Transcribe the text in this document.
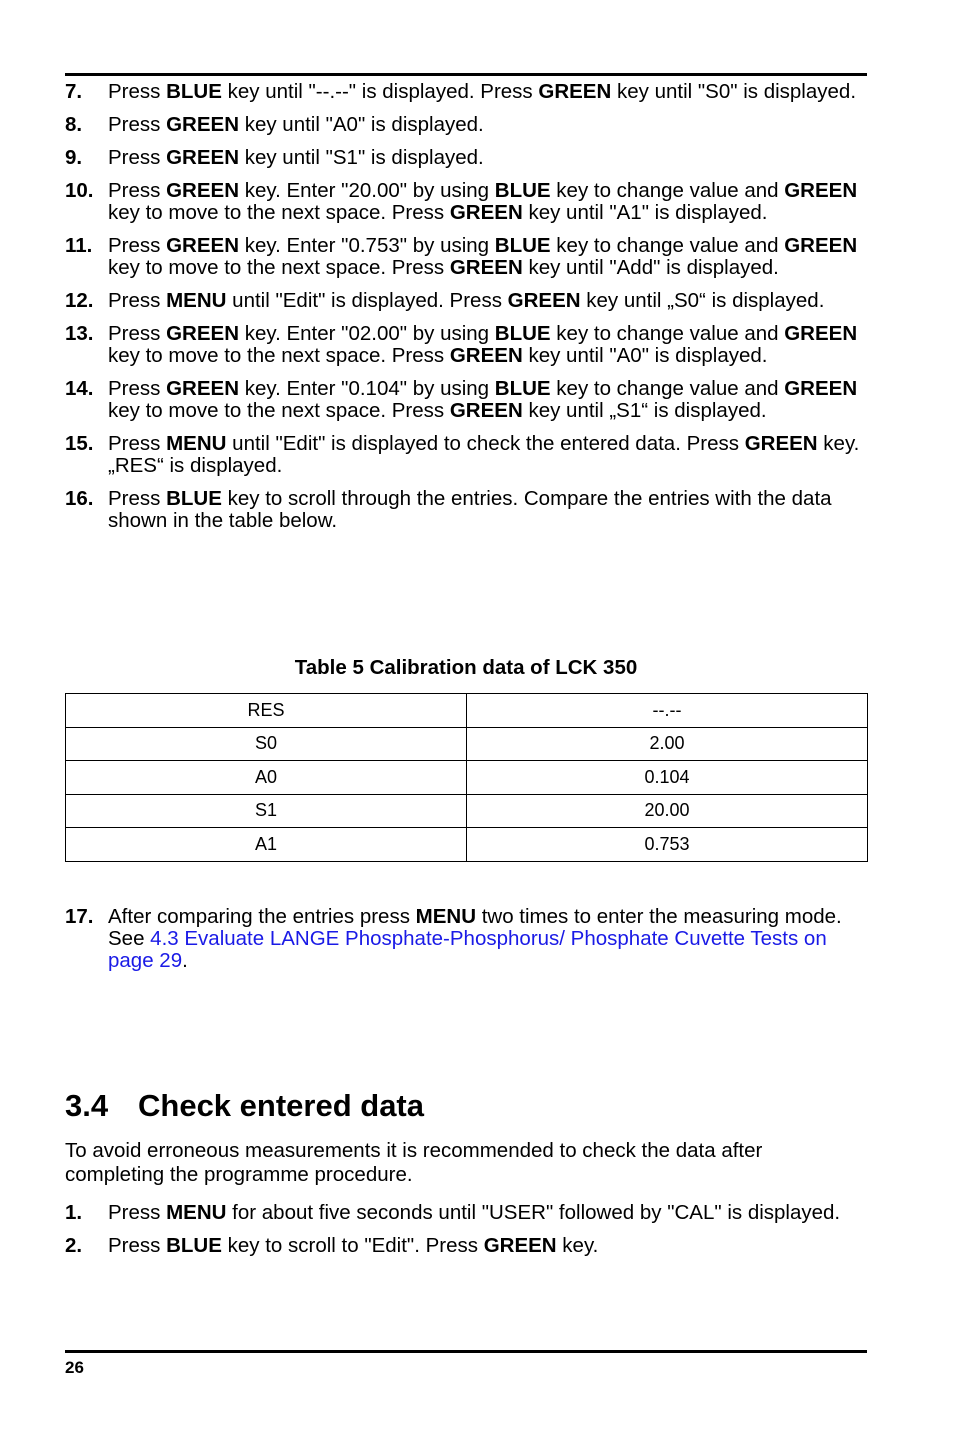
7.	Press BLUE key until "--.--" is displayed. Press GREEN key until "S0" is displayed.
8.	Press GREEN key until "A0" is displayed.
9.	Press GREEN key until "S1" is displayed.
10. Press GREEN key. Enter "20.00" by using BLUE key to change value and GREEN key to move to the next space. Press GREEN key until "A1" is displayed.
11. Press GREEN key. Enter "0.753" by using BLUE key to change value and GREEN key to move to the next space. Press GREEN key until "Add" is displayed.
12. Press MENU until "Edit" is displayed. Press GREEN key until „S0“ is displayed.
13. Press GREEN key. Enter "02.00" by using BLUE key to change value and GREEN key to move to the next space. Press GREEN key until "A0" is displayed.
14. Press GREEN key. Enter "0.104" by using BLUE key to change value and GREEN key to move to the next space. Press GREEN key until „S1“ is displayed.
15. Press MENU until "Edit" is displayed to check the entered data. Press GREEN key. „RES“ is displayed.
16. Press BLUE key to scroll through the entries. Compare the entries with the data shown in the table below.
Table 5 Calibration data of LCK 350
RES	--.--
S0	2.00
A0	0.104
S1	20.00
A1	0.753
17. After comparing the entries press MENU two times to enter the measuring mode. See 4.3 Evaluate LANGE Phosphate-Phosphorus/ Phosphate Cuvette Tests on page 29.
3.4 Check entered data

To avoid erroneous measurements it is recommended to check the data after completing the programme procedure.

1.	Press MENU for about five seconds until "USER" followed by "CAL" is displayed.
2.	Press BLUE key to scroll to "Edit". Press GREEN key.
26
